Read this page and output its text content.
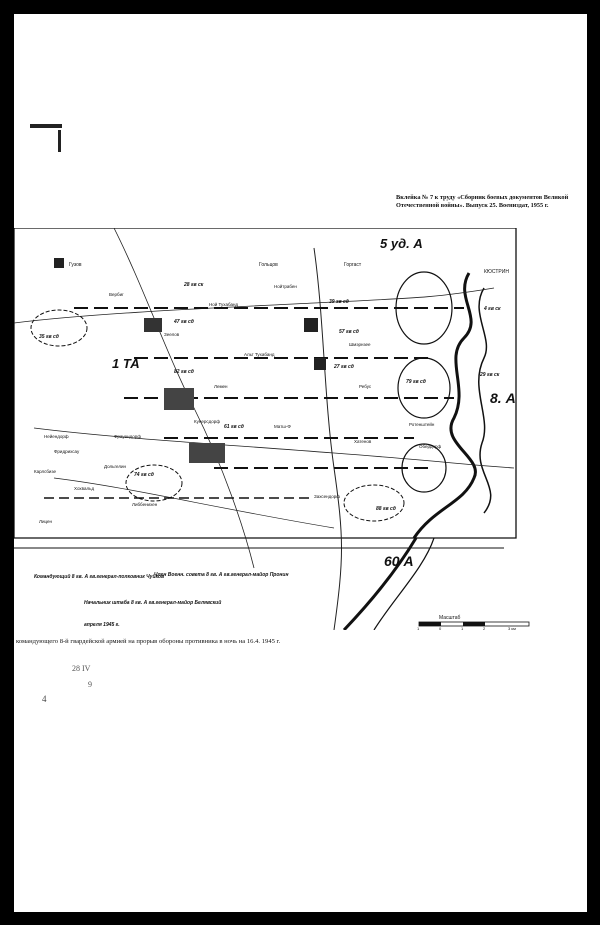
Вклейка № 7 к труду «Сборник боевых документов Великой Отечественной войны». Выпуск 25. Воениздат, 1955 г.
5 уд. А
8. А
60 А
1 ТА
Гузов	Гольцов	Горгаст
КЮСТРИН
Нойтрабен
Вербиг
Зеелов
Ной Тухабанд
Альт Тухабанд
Дольгелин
Хатенов
Шмэрнзее
Ребус
Кунерсдорф
Либбенихен
Ротенштейн
Лицен
Фрауендорф
Лемен
Матш-Ф
Нейендорф
Карлсбизе
Обердорф
Захсендорф
Фридрихсау
Хохвальд
47 гв сд
35 гв сд
57 гв сд
27 гв сд
4 гв ск
29 гв ск
88 гв сд
74 гв сд
82 гв сд
79 гв сд
39 гв сд
28 гв ск
61 гв сд
Командующий 8 гв. А гв.генерал-полковник Чуйков
Член Военн. совета 8 гв. А гв.генерал-майор Пронин
Начальник штаба 8 гв. А гв.генерал-майор Белявский
апреля 1945 г.
Масштаб
1	0	1	2	3 км
командующего 8-й гвардейской армией на прорыв обороны противника в ночь на 16.4. 1945 г.
28 IV
9
4
